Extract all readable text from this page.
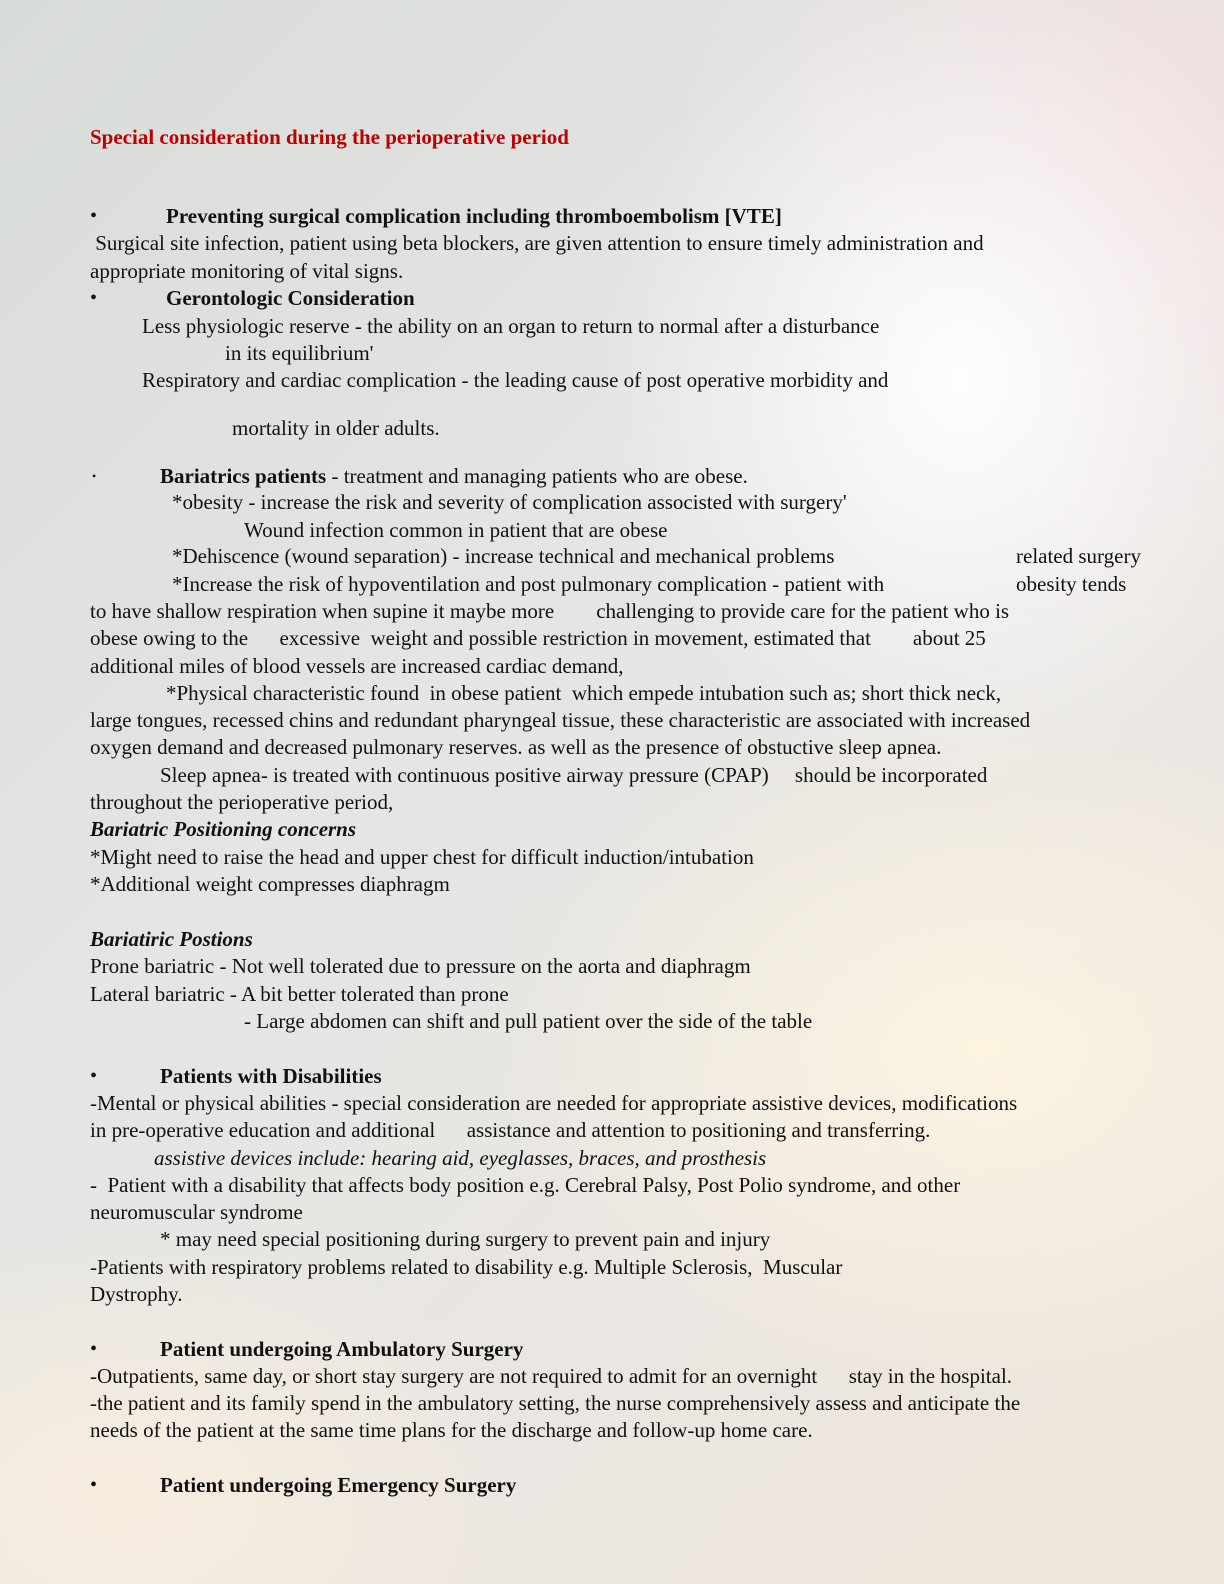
Special consideration during the perioperative period
•	Preventing surgical complication including thromboembolism [VTE]
Surgical site infection, patient using beta blockers, are given attention to ensure timely administration and
appropriate monitoring of vital signs.
•	Gerontologic Consideration
Less physiologic reserve - the ability on an organ to return to normal after a disturbance
in its equilibrium'
Respiratory and cardiac complication - the leading cause of post operative morbidity and
mortality in older adults.
•	Bariatrics patients - treatment and managing patients who are obese.
*obesity - increase the risk and severity of complication associsted with surgery'
Wound infection common in patient that are obese
*Dehiscence (wound separation) - increase technical and mechanical problems	related surgery
*Increase the risk of hypoventilation and post pulmonary complication - patient with	obesity tends
to have shallow respiration when supine it maybe more        challenging to provide care for the patient who is
obese owing to the      excessive  weight and possible restriction in movement, estimated that        about 25
additional miles of blood vessels are increased cardiac demand,
*Physical characteristic found  in obese patient  which empede intubation such as; short thick neck,
large tongues, recessed chins and redundant pharyngeal tissue, these characteristic are associated with increased
oxygen demand and decreased pulmonary reserves. as well as the presence of obstuctive sleep apnea.
Sleep apnea- is treated with continuous positive airway pressure (CPAP)     should be incorporated
throughout the perioperative period,
Bariatric Positioning concerns
*Might need to raise the head and upper chest for difficult induction/intubation
*Additional weight compresses diaphragm
Bariatiric Postions
Prone bariatric - Not well tolerated due to pressure on the aorta and diaphragm
Lateral bariatric - A bit better tolerated than prone
- Large abdomen can shift and pull patient over the side of the table
•	Patients with Disabilities
-Mental or physical abilities - special consideration are needed for appropriate assistive devices, modifications
in pre-operative education and additional      assistance and attention to positioning and transferring.
assistive devices include: hearing aid, eyeglasses, braces, and prosthesis
-  Patient with a disability that affects body position e.g. Cerebral Palsy, Post Polio syndrome, and other
neuromuscular syndrome
* may need special positioning during surgery to prevent pain and injury
-Patients with respiratory problems related to disability e.g. Multiple Sclerosis,  Muscular
Dystrophy.
•	Patient undergoing Ambulatory Surgery
-Outpatients, same day, or short stay surgery are not required to admit for an overnight      stay in the hospital.
-the patient and its family spend in the ambulatory setting, the nurse comprehensively assess and anticipate the
needs of the patient at the same time plans for the discharge and follow-up home care.
•	Patient undergoing Emergency Surgery
